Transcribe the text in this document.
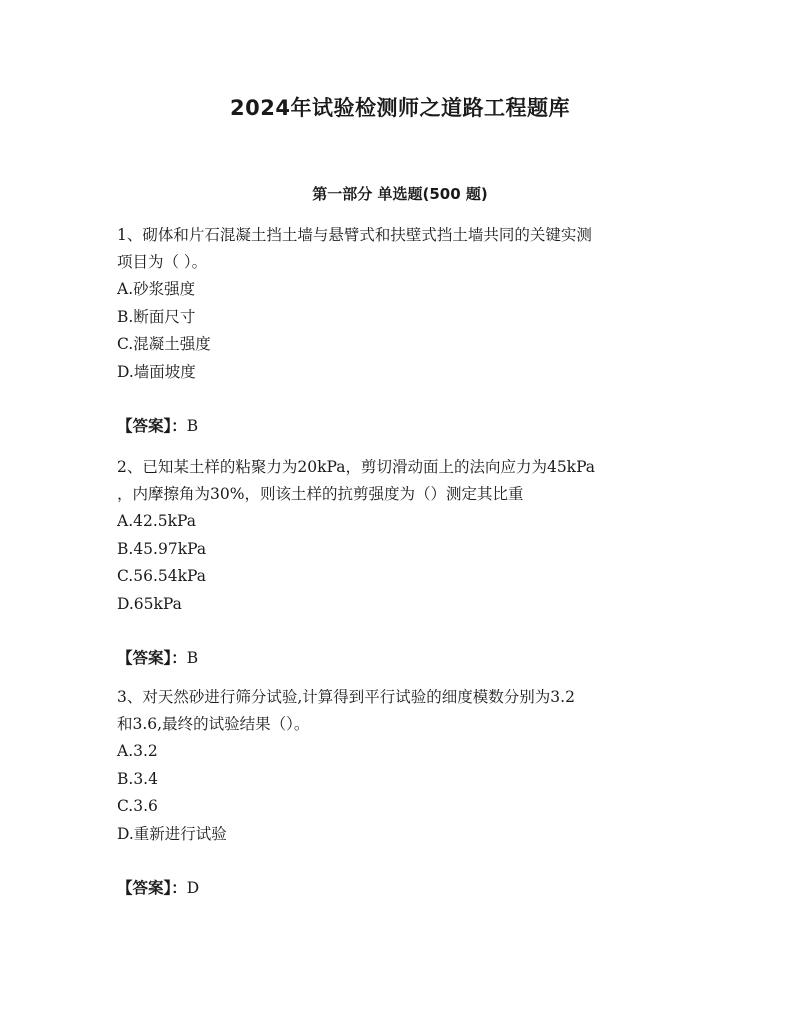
2024年试验检测师之道路工程题库
第一部分 单选题(500 题)

1、砌体和片石混凝土挡土墙与悬臂式和扶壁式挡土墙共同的关键实测

项目为（ ）。

A.砂浆强度

B.断面尺寸

C.混凝土强度

D.墙面坡度

【答案】：B

2、已知某土样的粘聚力为20kPa，剪切滑动面上的法向应力为45kPa

，内摩擦角为30%，则该土样的抗剪强度为（）测定其比重

A.42.5kPa

B.45.97kPa

C.56.54kPa

D.65kPa

【答案】：B

3、对天然砂进行筛分试验,计算得到平行试验的细度模数分别为3.2

和3.6,最终的试验结果（）。

A.3.2

B.3.4

C.3.6

D.重新进行试验

【答案】：D
